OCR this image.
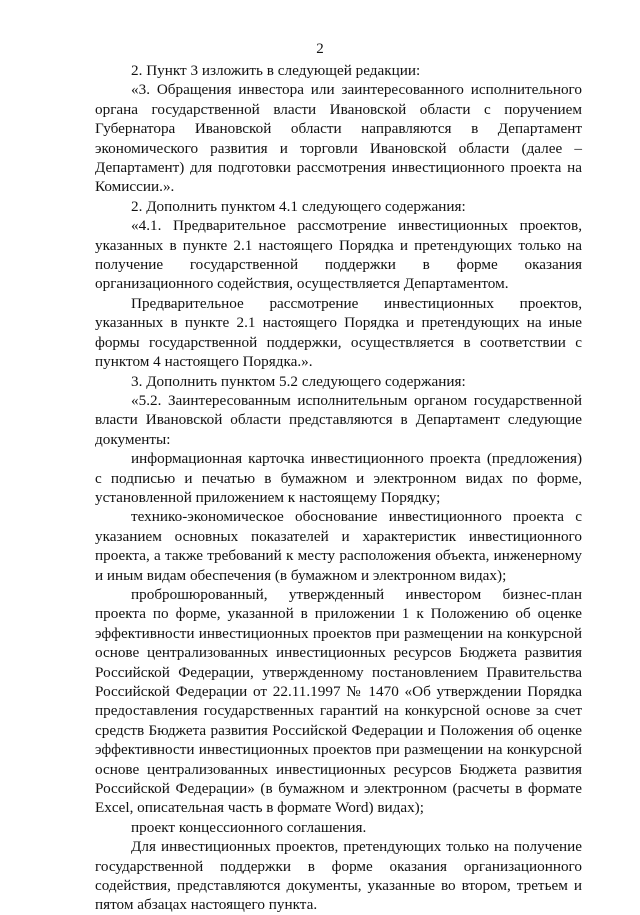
2

2. Пункт 3 изложить в следующей редакции:

«3. Обращения инвестора или заинтересованного исполнительного органа государственной власти Ивановской области с поручением Губернатора Ивановской области направляются в Департамент экономического развития и торговли Ивановской области (далее – Департамент) для подготовки рассмотрения инвестиционного проекта на Комиссии.».

2. Дополнить пунктом 4.1 следующего содержания:

«4.1. Предварительное рассмотрение инвестиционных проектов, указанных в пункте 2.1 настоящего Порядка и претендующих только на получение государственной поддержки в форме оказания организационного содействия, осуществляется Департаментом.

Предварительное рассмотрение инвестиционных проектов, указанных в пункте 2.1 настоящего Порядка и претендующих на иные формы государственной поддержки, осуществляется в соответствии с пунктом 4 настоящего Порядка.».

3. Дополнить пунктом 5.2 следующего содержания:

«5.2. Заинтересованным исполнительным органом государственной власти Ивановской области представляются в Департамент следующие документы:

информационная карточка инвестиционного проекта (предложения) с подписью и печатью в бумажном и электронном видах по форме, установленной приложением к настоящему Порядку;

технико-экономическое обоснование инвестиционного проекта с указанием основных показателей и характеристик инвестиционного проекта, а также требований к месту расположения объекта, инженерному и иным видам обеспечения (в бумажном и электронном видах);

проброшюрованный, утвержденный инвестором бизнес-план проекта по форме, указанной в приложении 1 к Положению об оценке эффективности инвестиционных проектов при размещении на конкурсной основе централизованных инвестиционных ресурсов Бюджета развития Российской Федерации, утвержденному постановлением Правительства Российской Федерации от 22.11.1997 № 1470 «Об утверждении Порядка предоставления государственных гарантий на конкурсной основе за счет средств Бюджета развития Российской Федерации и Положения об оценке эффективности инвестиционных проектов при размещении на конкурсной основе централизованных инвестиционных ресурсов Бюджета развития Российской Федерации» (в бумажном и электронном (расчеты в формате Excel, описательная часть в формате Word) видах);

проект концессионного соглашения.

Для инвестиционных проектов, претендующих только на получение государственной поддержки в форме оказания организационного содействия, представляются документы, указанные во втором, третьем и пятом абзацах настоящего пункта.
